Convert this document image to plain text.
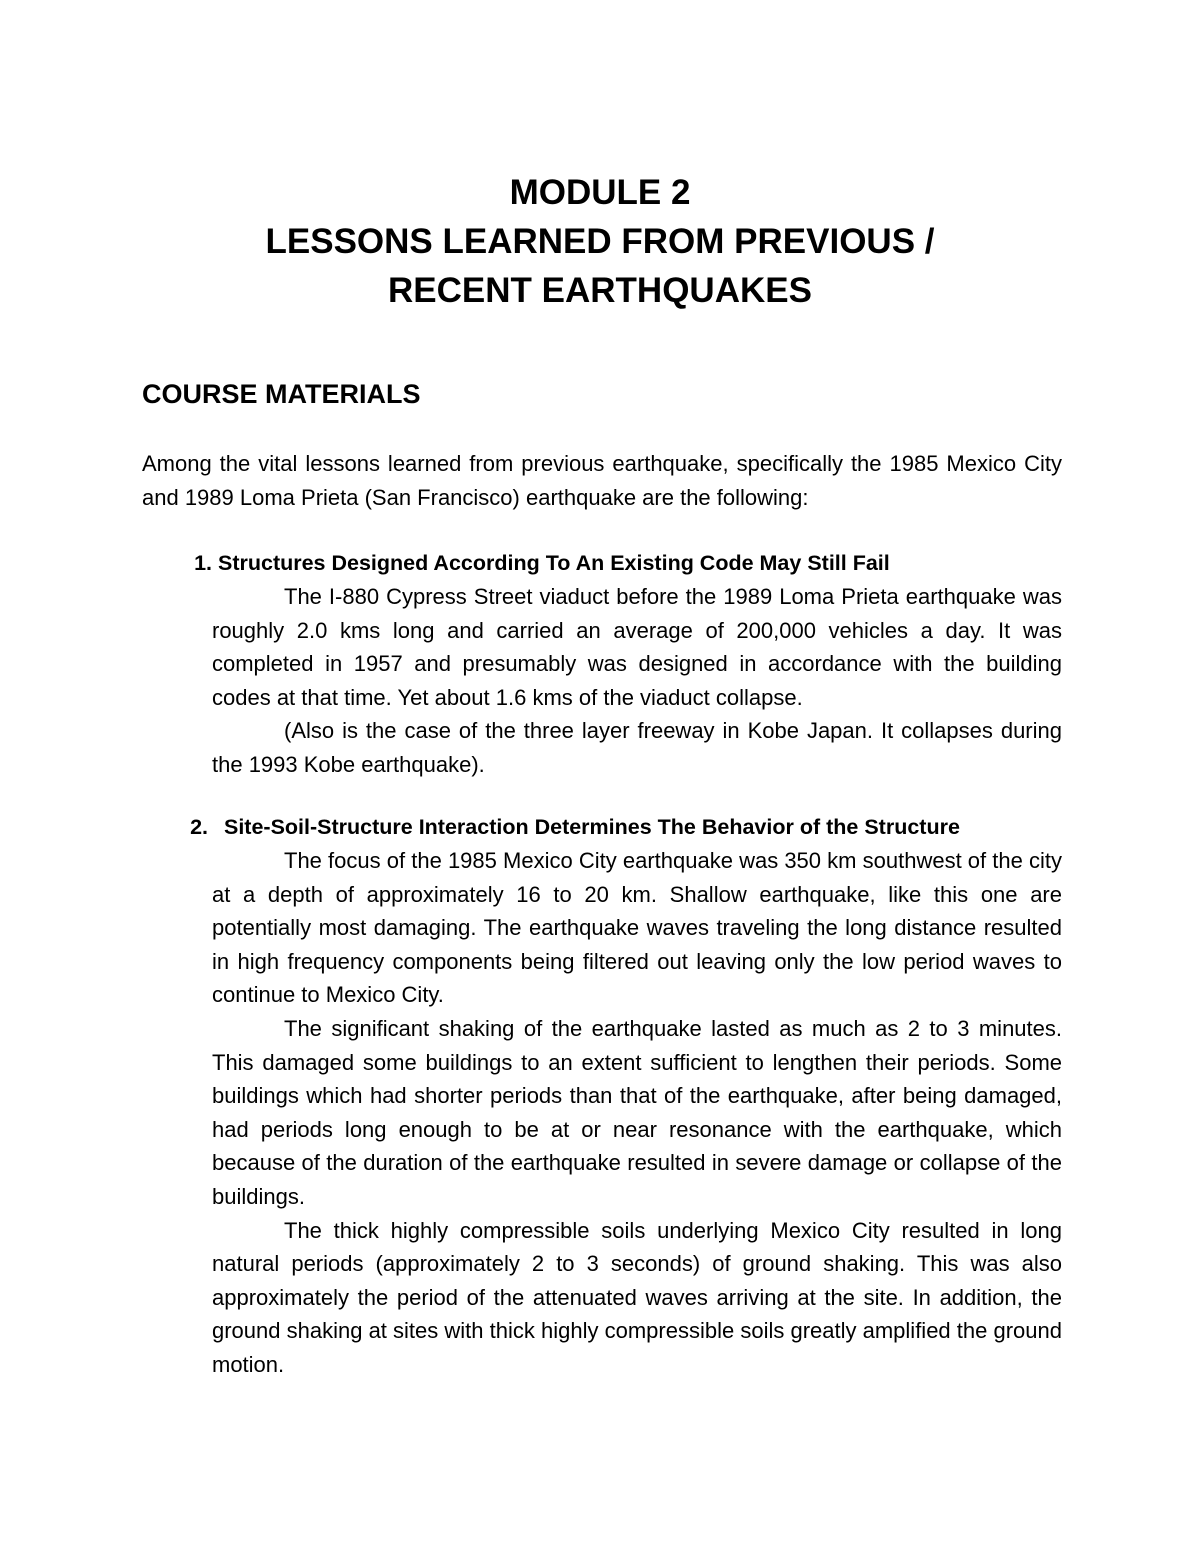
MODULE 2
LESSONS LEARNED FROM PREVIOUS /
RECENT EARTHQUAKES
COURSE MATERIALS
Among the vital lessons learned from previous earthquake, specifically the 1985 Mexico City and 1989 Loma Prieta (San Francisco) earthquake are the following:
1. Structures Designed According To An Existing Code May Still Fail

The I-880 Cypress Street viaduct before the 1989 Loma Prieta earthquake was roughly 2.0 kms long and carried an average of 200,000 vehicles a day. It was completed in 1957 and presumably was designed in accordance with the building codes at that time. Yet about 1.6 kms of the viaduct collapse.

(Also is the case of the three layer freeway in Kobe Japan. It collapses during the 1993 Kobe earthquake).

2. Site-Soil-Structure Interaction Determines The Behavior of the Structure

The focus of the 1985 Mexico City earthquake was 350 km southwest of the city at a depth of approximately 16 to 20 km. Shallow earthquake, like this one are potentially most damaging. The earthquake waves traveling the long distance resulted in high frequency components being filtered out leaving only the low period waves to continue to Mexico City.

The significant shaking of the earthquake lasted as much as 2 to 3 minutes. This damaged some buildings to an extent sufficient to lengthen their periods. Some buildings which had shorter periods than that of the earthquake, after being damaged, had periods long enough to be at or near resonance with the earthquake, which because of the duration of the earthquake resulted in severe damage or collapse of the buildings.

The thick highly compressible soils underlying Mexico City resulted in long natural periods (approximately 2 to 3 seconds) of ground shaking. This was also approximately the period of the attenuated waves arriving at the site. In addition, the ground shaking at sites with thick highly compressible soils greatly amplified the ground motion.
